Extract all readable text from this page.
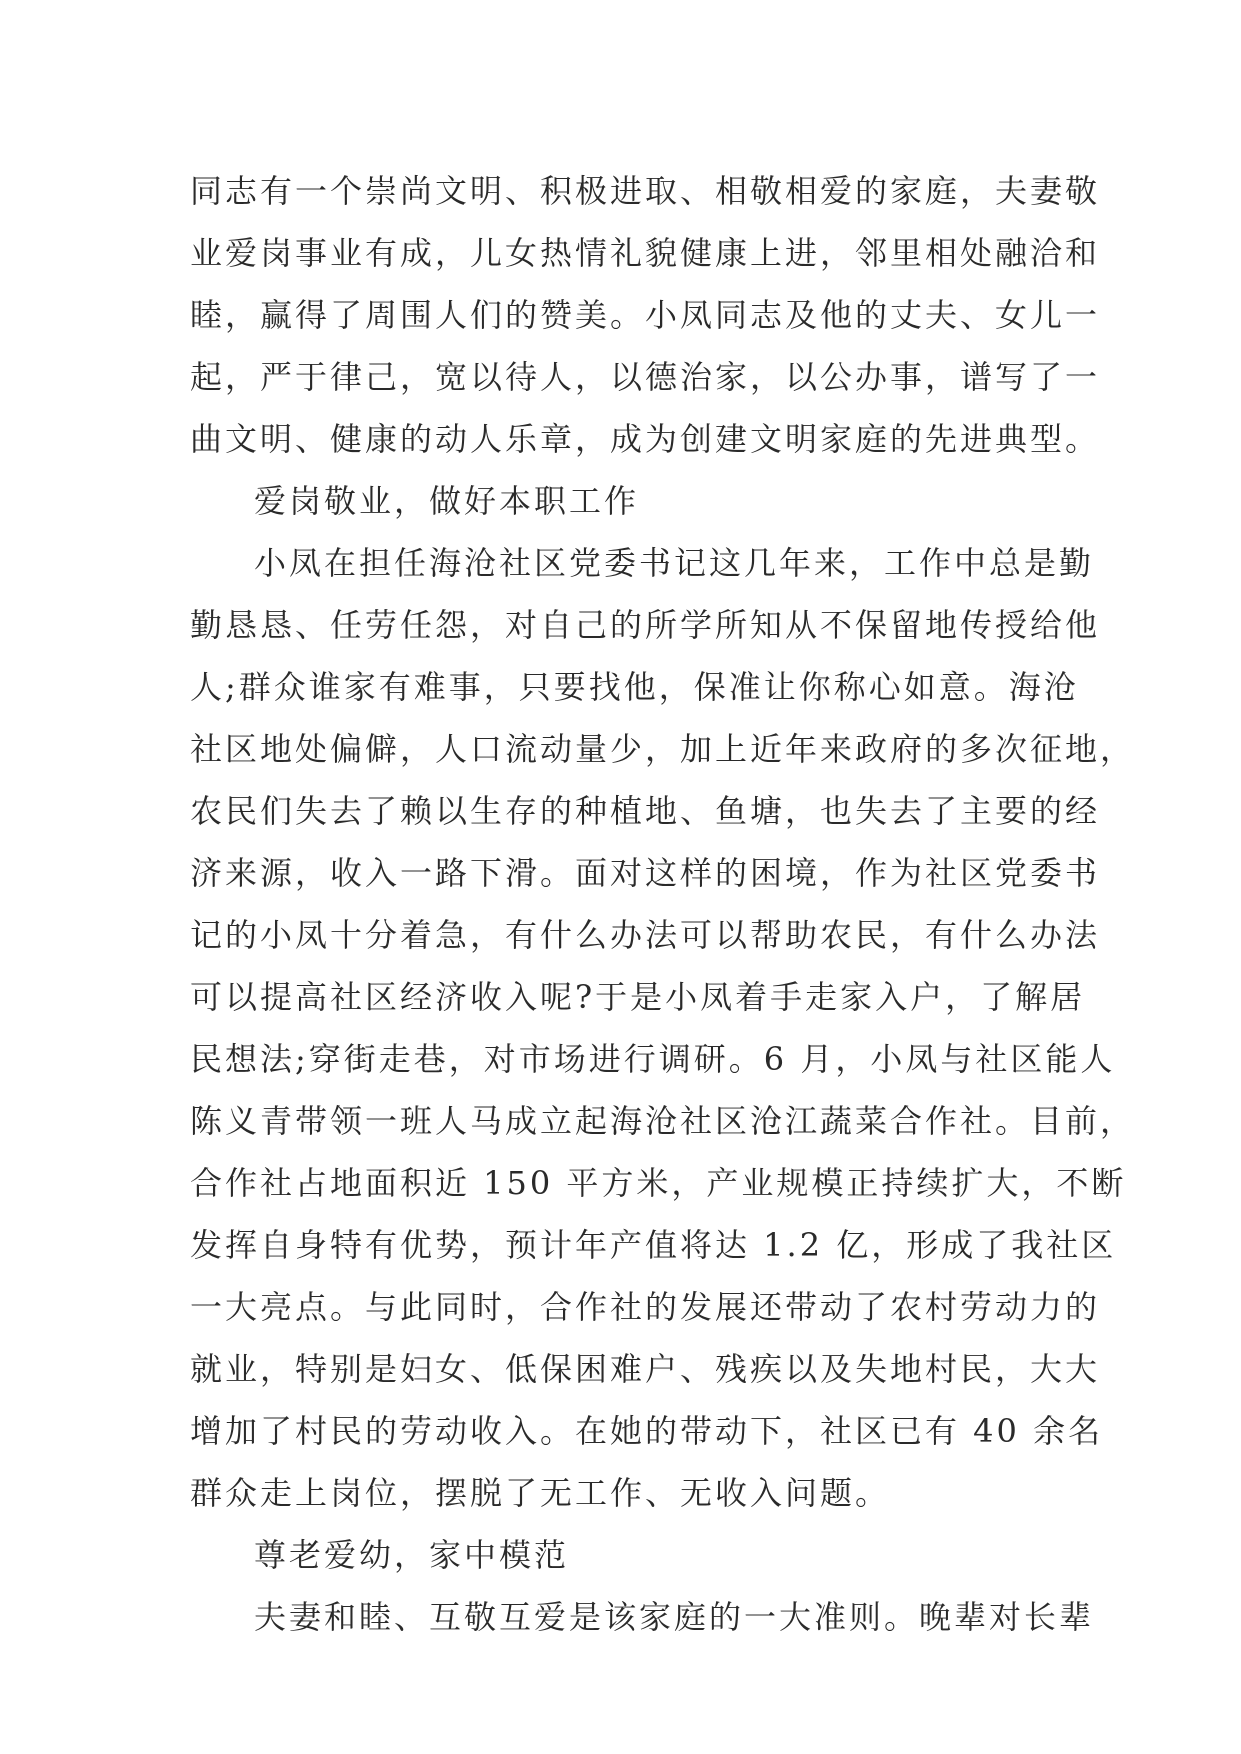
同志有一个崇尚文明、积极进取、相敬相爱的家庭，夫妻敬
业爱岗事业有成，儿女热情礼貌健康上进，邻里相处融洽和
睦，赢得了周围人们的赞美。小凤同志及他的丈夫、女儿一
起，严于律己，宽以待人，以德治家，以公办事，谱写了一
曲文明、健康的动人乐章，成为创建文明家庭的先进典型。
爱岗敬业，做好本职工作
小凤在担任海沧社区党委书记这几年来，工作中总是勤
勤恳恳、任劳任怨，对自己的所学所知从不保留地传授给他
人;群众谁家有难事，只要找他，保准让你称心如意。海沧
社区地处偏僻，人口流动量少，加上近年来政府的多次征地，
农民们失去了赖以生存的种植地、鱼塘，也失去了主要的经
济来源，收入一路下滑。面对这样的困境，作为社区党委书
记的小凤十分着急，有什么办法可以帮助农民，有什么办法
可以提高社区经济收入呢?于是小凤着手走家入户，了解居
民想法;穿街走巷，对市场进行调研。6 月，小凤与社区能人
陈义青带领一班人马成立起海沧社区沧江蔬菜合作社。目前，
合作社占地面积近 150 平方米，产业规模正持续扩大，不断
发挥自身特有优势，预计年产值将达 1.2 亿，形成了我社区
一大亮点。与此同时，合作社的发展还带动了农村劳动力的
就业，特别是妇女、低保困难户、残疾以及失地村民，大大
增加了村民的劳动收入。在她的带动下，社区已有 40 余名
群众走上岗位，摆脱了无工作、无收入问题。
尊老爱幼，家中模范
夫妻和睦、互敬互爱是该家庭的一大准则。晚辈对长辈
